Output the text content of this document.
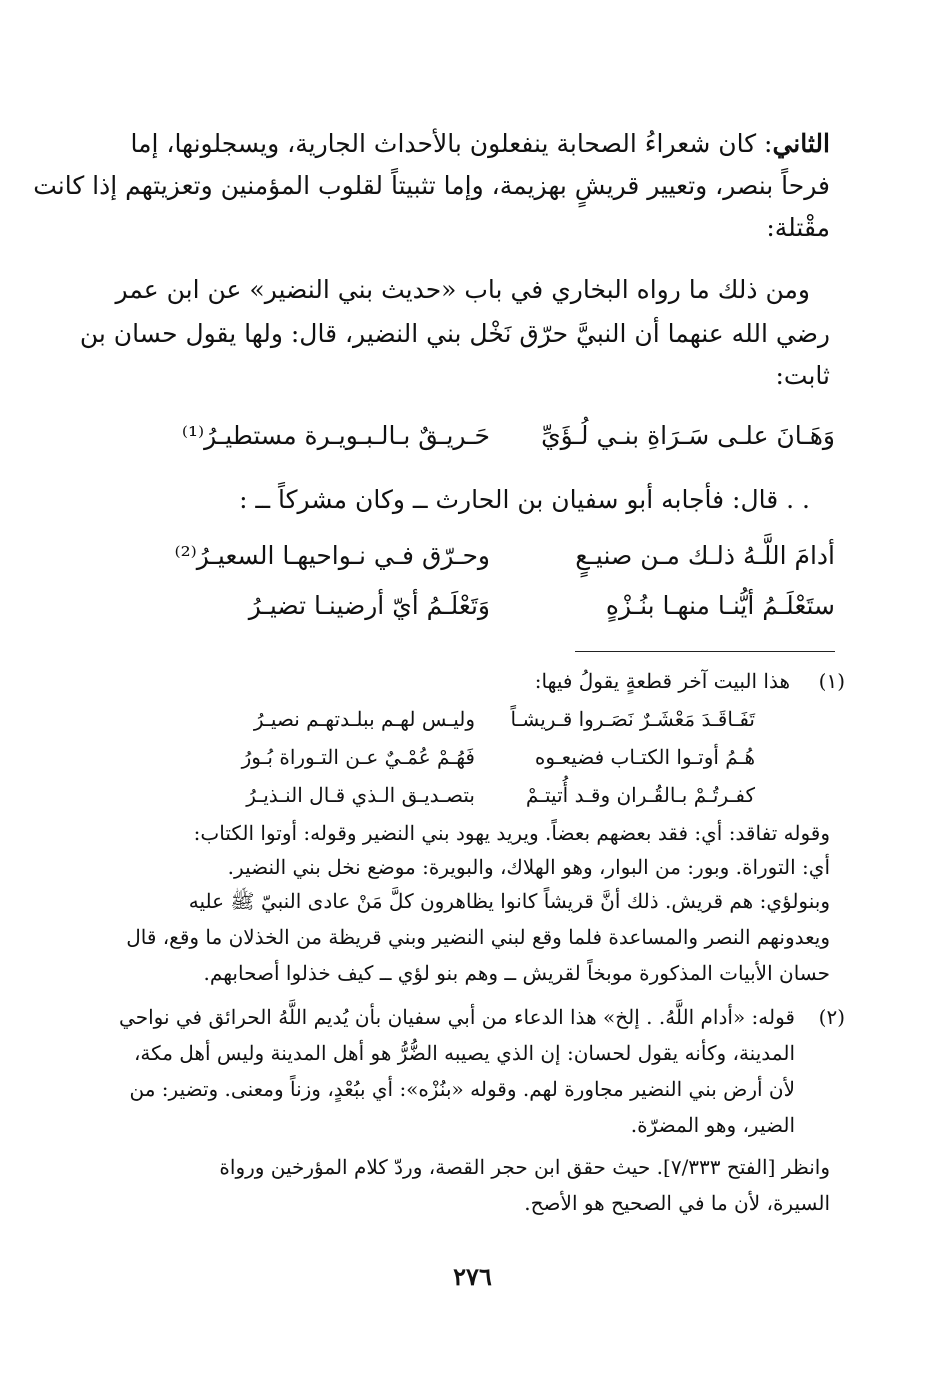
الثاني: كان شعراءُ الصحابة ينفعلون بالأحداث الجارية، ويسجلونها، إما
فرحاً بنصر، وتعيير قريشٍ بهزيمة، وإما تثبيتاً لقلوب المؤمنين وتعزيتهم إذا كانت
مقْتلة:
ومن ذلك ما رواه البخاري في باب «حديث بني النضير» عن ابن عمر
رضي الله عنهما أن النبيَّ حرّق نَخْل بني النضير، قال: ولها يقول حسان بن
ثابت:
وَهَـانَ علـى سَـرَاةِ بنـي لُـؤَيِّ
حَـريـقٌ بـالـبـويـرة مستطيـرُ⁽¹⁾
. . قال: فأجابه أبو سفيان بن الحارث ــ وكان مشركاً ــ :
أدامَ اللَّـهُ ذلـك مـن صنيـعٍ
وحـرّق فـي نـواحيهـا السعيـرُ⁽²⁾
ستَعْلَـمُ أيُّنـا منهـا بنُـزْهٍ
وَتَعْلَـمُ أيّ أرضينـا تضيـرُ
(١)
هذا البيت آخر قطعةٍ يقولُ فيها:
تَفَـاقَـدَ مَعْشَـرٌ نَصَـروا قـريشـاً
وليـس لهـم ببلـدتهـم نصيـرُ
هُـمُ أوتـوا الكتـاب فضيعـوه
فَهُـمْ عُمْـيٌ عـن التـوراة بُـورُ
كفـرتُـمْ بـالقُـران وقـد أُتيتـمْ
بتصـديـق الـذي قـال النـذيـرُ
وقوله تفاقد: أي: فقد بعضهم بعضاً. ويريد يهود بني النضير وقوله: أوتوا الكتاب:
أي: التوراة. وبور: من البوار، وهو الهلاك، والبويرة: موضع نخل بني النضير.
وبنولؤي: هم قريش. ذلك أنَّ قريشاً كانوا يظاهرون كلَّ مَنْ عادى النبيّ ﷺ عليه
ويعدونهم النصر والمساعدة فلما وقع لبني النضير وبني قريظة من الخذلان ما وقع، قال
حسان الأبيات المذكورة موبخاً لقريش ــ وهم بنو لؤي ــ كيف خذلوا أصحابهم.
(٢)
قوله: «أدام اللَّهُ. . إلخ» هذا الدعاء من أبي سفيان بأن يُديم اللَّهُ الحرائق في نواحي
المدينة، وكأنه يقول لحسان: إن الذي يصيبه الضُّرُّ هو أهل المدينة وليس أهل مكة،
لأن أرض بني النضير مجاورة لهم. وقوله «بنُزْه»: أي ببُعْدٍ، وزناً ومعنى. وتضير: من
الضير، وهو المضرّة.
وانظر [الفتح ٧/٣٣٣]. حيث حقق ابن حجر القصة، وردّ كلام المؤرخين ورواة
السيرة، لأن ما في الصحيح هو الأصح.
٢٧٦
